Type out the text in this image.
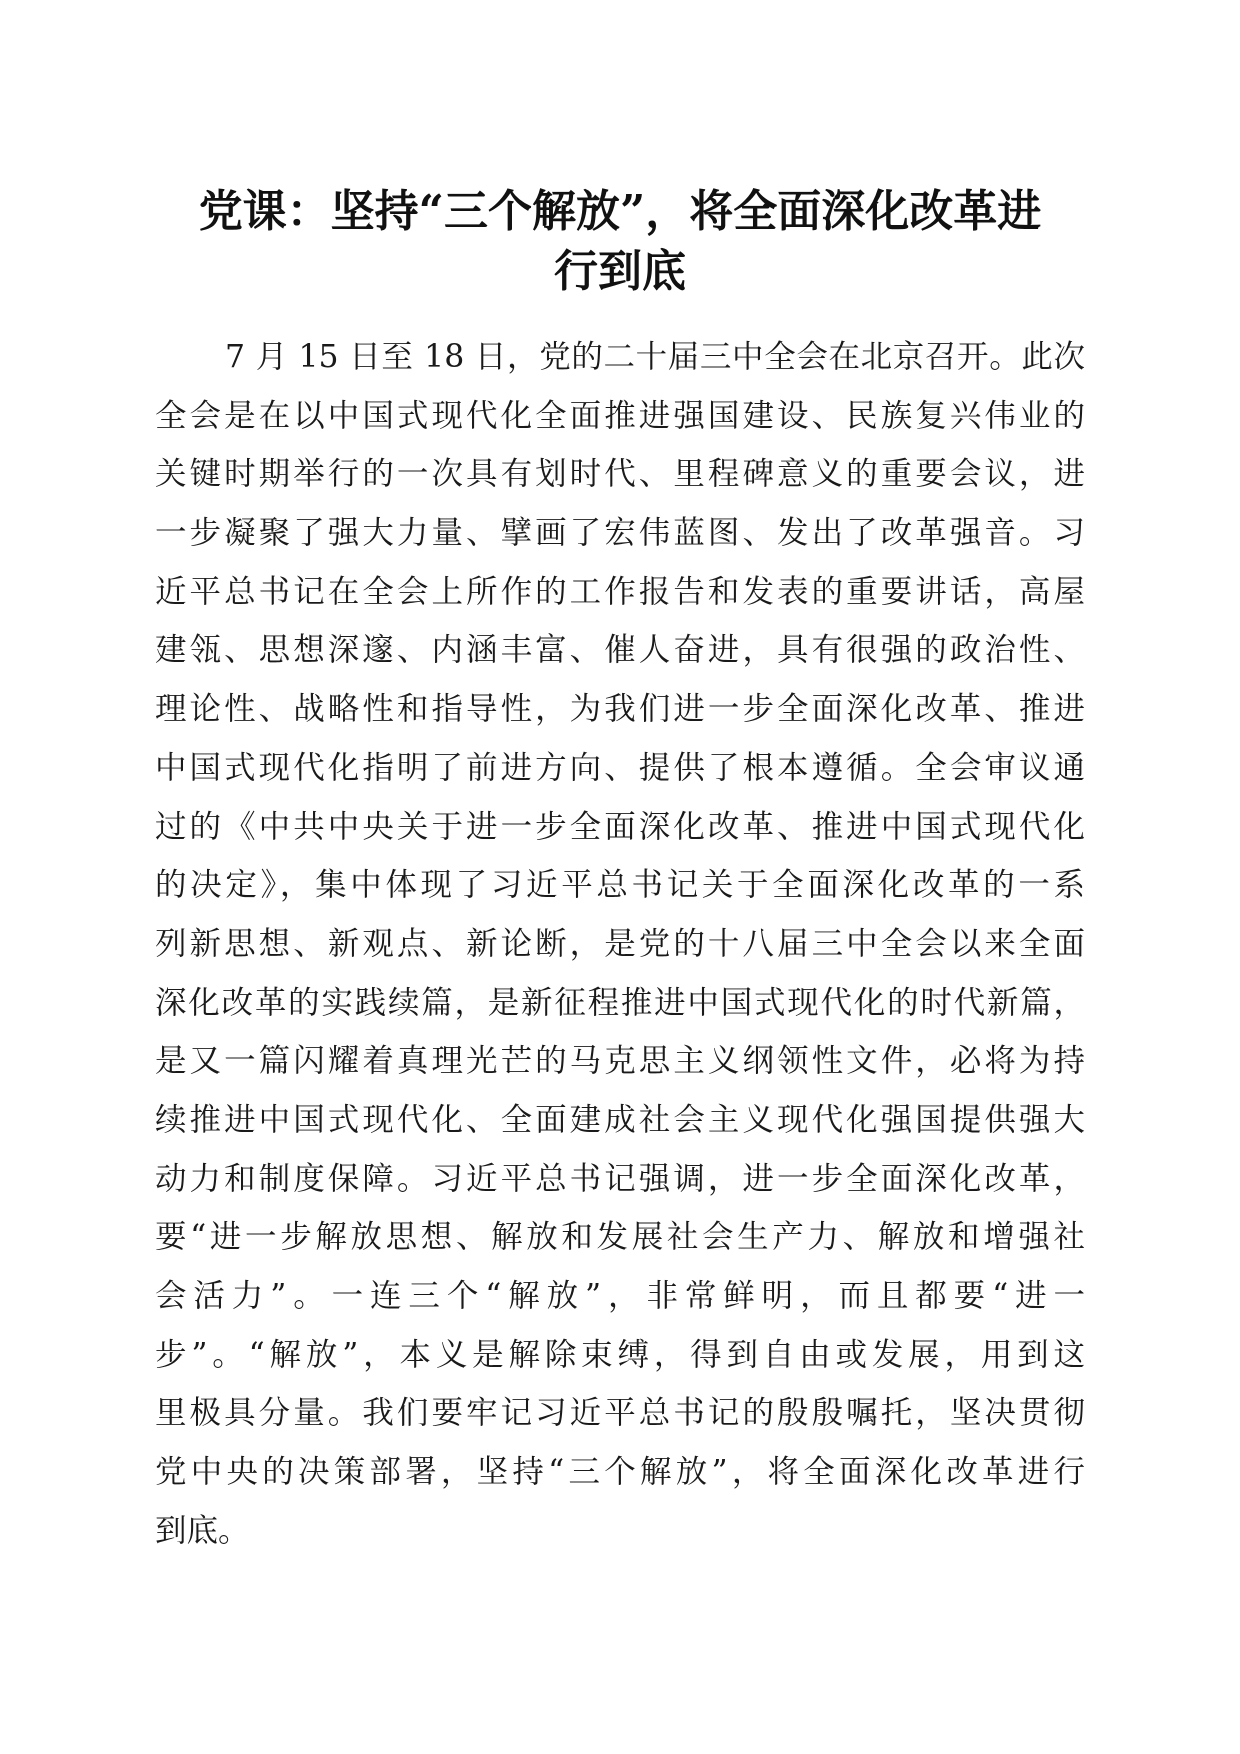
党课：坚持“三个解放”，将全面深化改革进
行到底
7 月 15 日至 18 日，党的二十届三中全会在北京召开。此次
全会是在以中国式现代化全面推进强国建设、民族复兴伟业的
关键时期举行的一次具有划时代、里程碑意义的重要会议，进
一步凝聚了强大力量、擘画了宏伟蓝图、发出了改革强音。习
近平总书记在全会上所作的工作报告和发表的重要讲话，高屋
建瓴、思想深邃、内涵丰富、催人奋进，具有很强的政治性、
理论性、战略性和指导性，为我们进一步全面深化改革、推进
中国式现代化指明了前进方向、提供了根本遵循。全会审议通
过的《中共中央关于进一步全面深化改革、推进中国式现代化
的决定》，集中体现了习近平总书记关于全面深化改革的一系
列新思想、新观点、新论断，是党的十八届三中全会以来全面
深化改革的实践续篇，是新征程推进中国式现代化的时代新篇，
是又一篇闪耀着真理光芒的马克思主义纲领性文件，必将为持
续推进中国式现代化、全面建成社会主义现代化强国提供强大
动力和制度保障。习近平总书记强调，进一步全面深化改革，
要“进一步解放思想、解放和发展社会生产力、解放和增强社
会活力”。一连三个“解放”，非常鲜明，而且都要“进一
步”。“解放”，本义是解除束缚，得到自由或发展，用到这
里极具分量。我们要牢记习近平总书记的殷殷嘱托，坚决贯彻
党中央的决策部署，坚持“三个解放”，将全面深化改革进行
到底。
